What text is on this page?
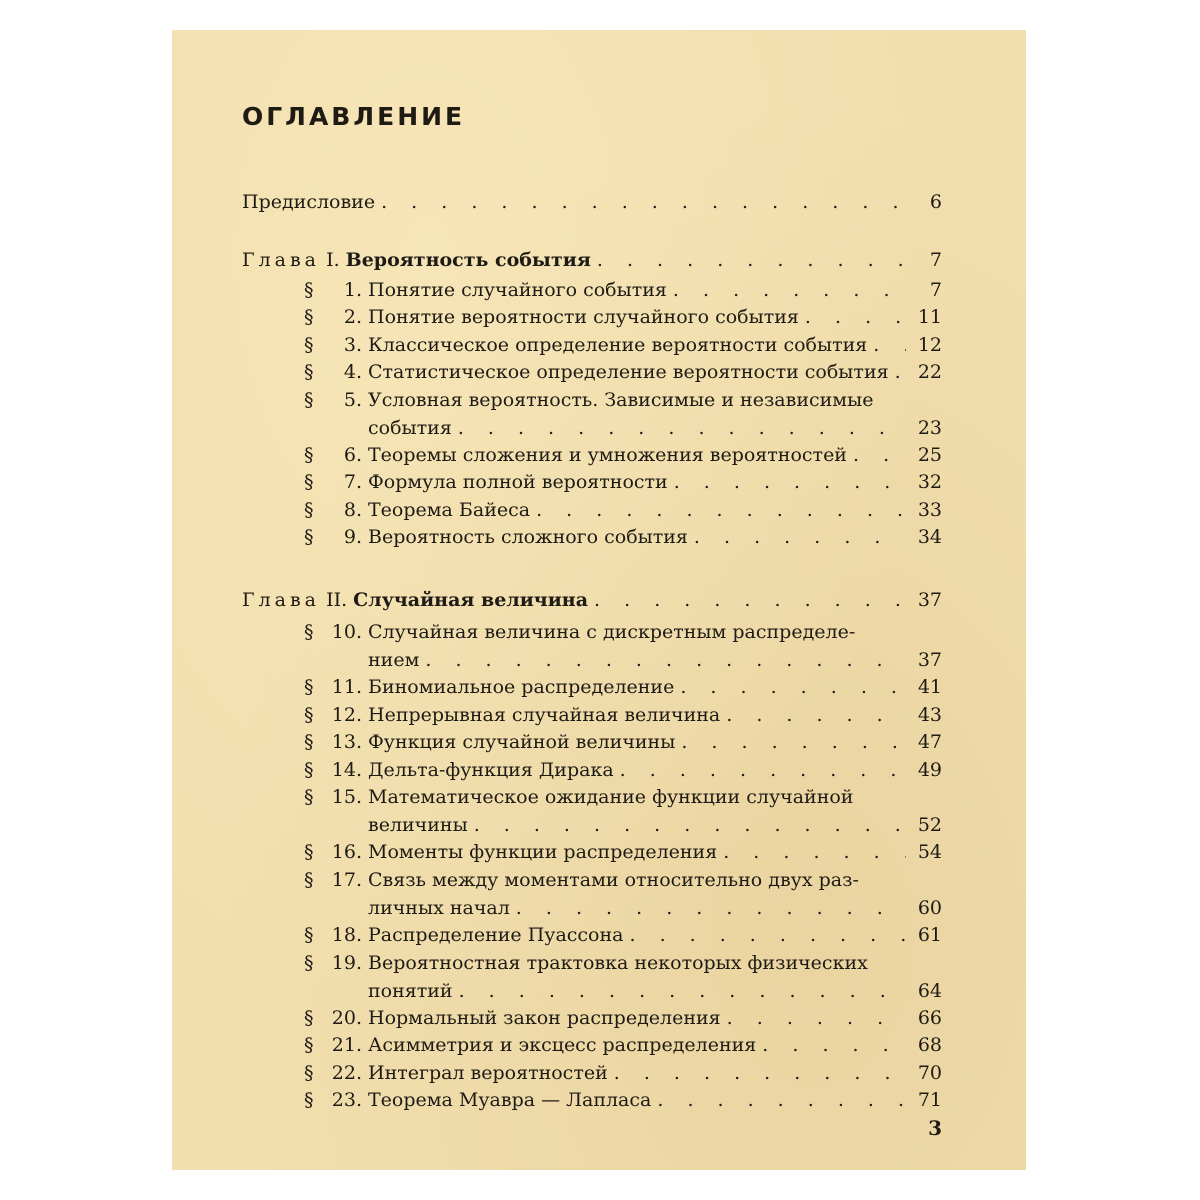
ОГЛАВЛЕНИЕ
Предисловие . . .	6
Глава I. Вероятность события . . .	7
§	1. Понятие случайного события . . .	7
§	2. Понятие вероятности случайного события . . .	11
§	3. Классическое определение вероятности события . . .	12
§	4. Статистическое определение вероятности события . . .	22
§	5. Условная вероятность. Зависимые и независимые
события . . .	23
§	6. Теоремы сложения и умножения вероятностей . . .	25
§	7. Формула полной вероятности . . .	32
§	8. Теорема Байеса . . .	33
§	9. Вероятность сложного события . . .	34
Глава II. Случайная величина . . .	37
§ 10. Случайная величина с дискретным распределе-
нием . . .	37
§ 11. Биномиальное распределение . . .	41
§ 12. Непрерывная случайная величина . . .	43
§ 13. Функция случайной величины . . .	47
§ 14. Дельта-функция Дирака . . .	49
§ 15. Математическое ожидание функции случайной
величины . . .	52
§ 16. Моменты функции распределения . . .	54
§ 17. Связь между моментами относительно двух раз-
личных начал . . .	60
§ 18. Распределение Пуассона . . .	61
§ 19. Вероятностная трактовка некоторых физических
понятий . . .	64
§ 20. Нормальный закон распределения . . .	66
§ 21. Асимметрия и эксцесс распределения . . .	68
§ 22. Интеграл вероятностей . . .	70
§ 23. Теорема Муавра — Лапласа . . .	71
3
